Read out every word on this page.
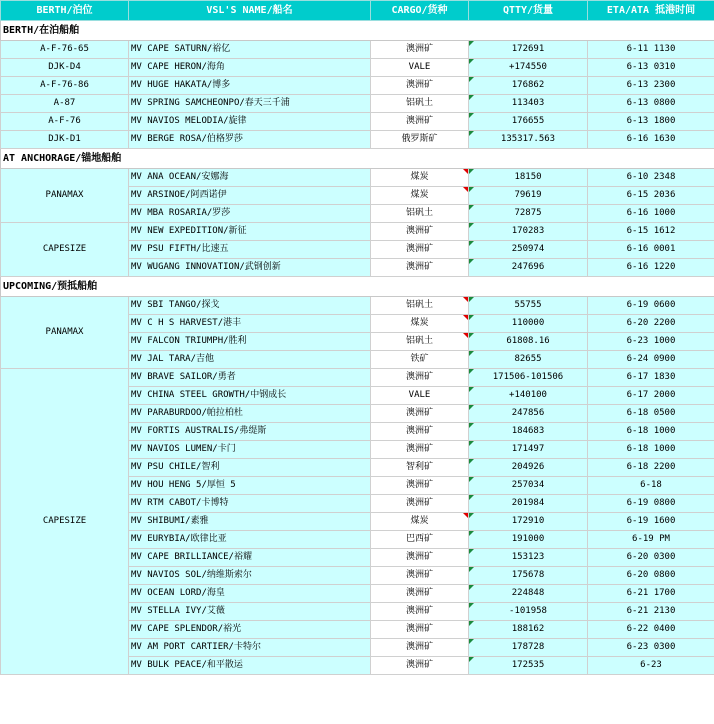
BERTH/泊位	VSL'S NAME/船名	CARGO/货种	QTTY/货量	ETA/ATA 抵港时间
BERTH/在泊船舶				
A-F-76-65	MV CAPE SATURN/裕亿	澳洲矿	172691	6-11 1130
DJK-D4	MV CAPE HERON/海角	VALE	+174550	6-13 0310
A-F-76-86	MV HUGE HAKATA/博多	澳洲矿	176862	6-13 2300
A-87	MV SPRING SAMCHEONPO/春天三千浦	铝矾土	113403	6-13 0800
A-F-76	MV NAVIOS MELODIA/旋律	澳洲矿	176655	6-13 1800
DJK-D1	MV BERGE ROSA/伯格罗莎	俄罗斯矿	135317.563	6-16 1630
AT ANCHORAGE/锚地船舶				
PANAMAX	MV ANA OCEAN/安娜海	煤炭	18150	6-10 2348
	MV ARSINOE/阿西诺伊	煤炭	79619	6-15 2036
	MV MBA ROSARIA/罗莎	铝矾土	72875	6-16 1000
CAPESIZE	MV NEW EXPEDITION/新征	澳洲矿	170283	6-15 1612
	MV PSU FIFTH/比速五	澳洲矿	250974	6-16 0001
	MV WUGANG INNOVATION/武钢创新	澳洲矿	247696	6-16 1220
UPCOMING/预抵船舶				
PANAMAX	MV SBI TANGO/探戈	铝矾土	55755	6-19 0600
	MV C H S HARVEST/港丰	煤炭	110000	6-20 2200
	MV FALCON TRIUMPH/胜利	铝矾土	61808.16	6-23 1000
	MV JAL TARA/吉他	铁矿	82655	6-24 0900
CAPESIZE	MV BRAVE SAILOR/勇者	澳洲矿	171506-101506	6-17 1830
	MV CHINA STEEL GROWTH/中钢成长	VALE	+140100	6-17 2000
	MV PARABURDOO/帕拉柏杜	澳洲矿	247856	6-18 0500
	MV FORTIS AUSTRALIS/弗缇斯	澳洲矿	184683	6-18 1000
	MV NAVIOS LUMEN/卡门	澳洲矿	171497	6-18 1000
	MV PSU CHILE/智利	智利矿	204926	6-18 2200
	MV HOU HENG 5/厚恒 5	澳洲矿	257034	6-18
	MV RTM CABOT/卡博特	澳洲矿	201984	6-19 0800
	MV SHIBUMI/素雅	煤炭	172910	6-19 1600
	MV EURYBIA/欧律比亚	巴西矿	191000	6-19 PM
	MV CAPE BRILLIANCE/裕耀	澳洲矿	153123	6-20 0300
	MV NAVIOS SOL/纳维斯索尔	澳洲矿	175678	6-20 0800
	MV OCEAN LORD/海皇	澳洲矿	224848	6-21 1700
	MV STELLA IVY/艾薇	澳洲矿	-101958	6-21 2130
	MV CAPE SPLENDOR/裕光	澳洲矿	188162	6-22 0400
	MV AM PORT CARTIER/卡特尔	澳洲矿	178728	6-23 0300
	MV BULK PEACE/和平散运	澳洲矿	172535	6-23
